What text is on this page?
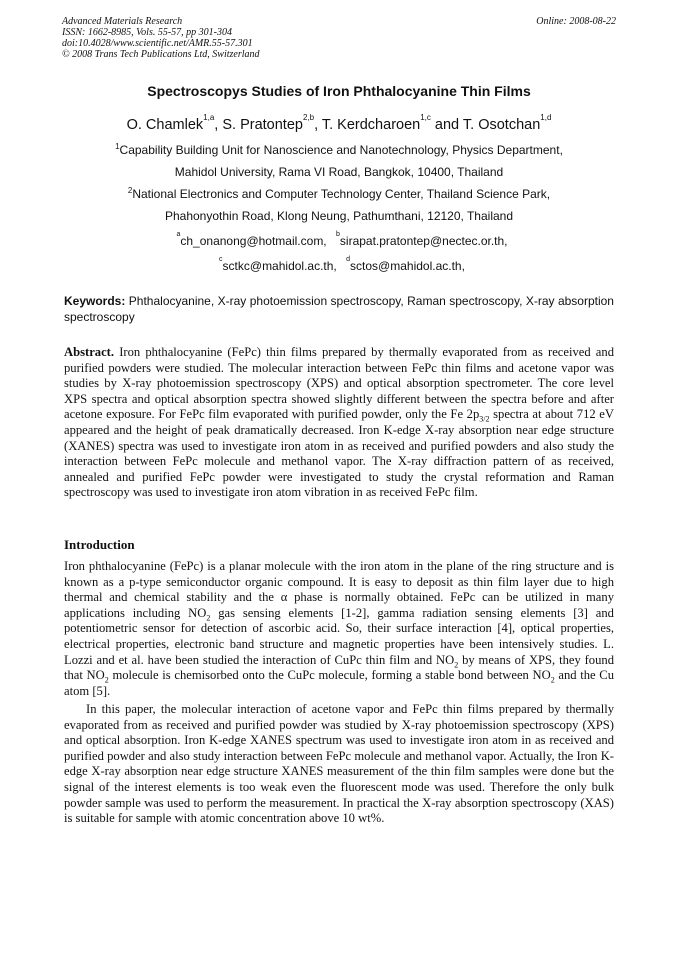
Advanced Materials Research
ISSN: 1662-8985, Vols. 55-57, pp 301-304
doi:10.4028/www.scientific.net/AMR.55-57.301
© 2008 Trans Tech Publications Ltd, Switzerland
Online: 2008-08-22
Spectroscopys Studies of Iron Phthalocyanine Thin Films
O. Chamlek$^{1,a}$, S. Pratontep$^{2,b}$, T. Kerdcharoen$^{1,c}$ and T. Osotchan$^{1,d}$
$^1$Capability Building Unit for Nanoscience and Nanotechnology, Physics Department,
Mahidol University, Rama VI Road, Bangkok, 10400, Thailand
$^2$National Electronics and Computer Technology Center, Thailand Science Park,
Phahonyothin Road, Klong Neung, Pathumthani, 12120, Thailand
$^a$ch_onanong@hotmail.com, $^b$sirapat.pratontep@nectec.or.th,
$^c$sctkc@mahidol.ac.th, $^d$sctos@mahidol.ac.th,
Keywords: Phthalocyanine, X-ray photoemission spectroscopy, Raman spectroscopy, X-ray absorption spectroscopy
Abstract. Iron phthalocyanine (FePc) thin films prepared by thermally evaporated from as received and purified powders were studied. The molecular interaction between FePc thin films and acetone vapor was studies by X-ray photoemission spectroscopy (XPS) and optical absorption spectrometer. The core level XPS spectra and optical absorption spectra showed slightly different between the spectra before and after acetone exposure. For FePc film evaporated with purified powder, only the Fe $2p_{3/2}$ spectra at about 712 eV appeared and the height of peak dramatically decreased. Iron K-edge X-ray absorption near edge structure (XANES) spectra was used to investigate iron atom in as received and purified powders and also study the interaction between FePc molecule and methanol vapor. The X-ray diffraction pattern of as received, annealed and purified FePc powder were investigated to study the crystal reformation and Raman spectroscopy was used to investigate iron atom vibration in as received FePc film.
Introduction
Iron phthalocyanine (FePc) is a planar molecule with the iron atom in the plane of the ring structure and is known as a p-type semiconductor organic compound. It is easy to deposit as thin film layer due to high thermal and chemical stability and the α phase is normally obtained. FePc can be utilized in many applications including $NO_2$ gas sensing elements [1-2], gamma radiation sensing elements [3] and potentiometric sensor for detection of ascorbic acid. So, their surface interaction [4], optical properties, electrical properties, electronic band structure and magnetic properties have been intensively studies. L. Lozzi and et al. have been studied the interaction of CuPc thin film and $NO_2$ by means of XPS, they found that $NO_2$ molecule is chemisorbed onto the CuPc molecule, forming a stable bond between $NO_2$ and the Cu atom [5].
In this paper, the molecular interaction of acetone vapor and FePc thin films prepared by thermally evaporated from as received and purified powder was studied by X-ray photoemission spectroscopy (XPS) and optical absorption. Iron K-edge XANES spectrum was used to investigate iron atom in as received and purified powder and also study interaction between FePc molecule and methanol vapor. Actually, the Iron K-edge X-ray absorption near edge structure XANES measurement of the thin film samples were done but the signal of the interest elements is too weak even the fluorescent mode was used. Therefore the only bulk powder sample was used to perform the measurement. In practical the X-ray absorption spectroscopy (XAS) is suitable for sample with atomic concentration above 10 wt%.
